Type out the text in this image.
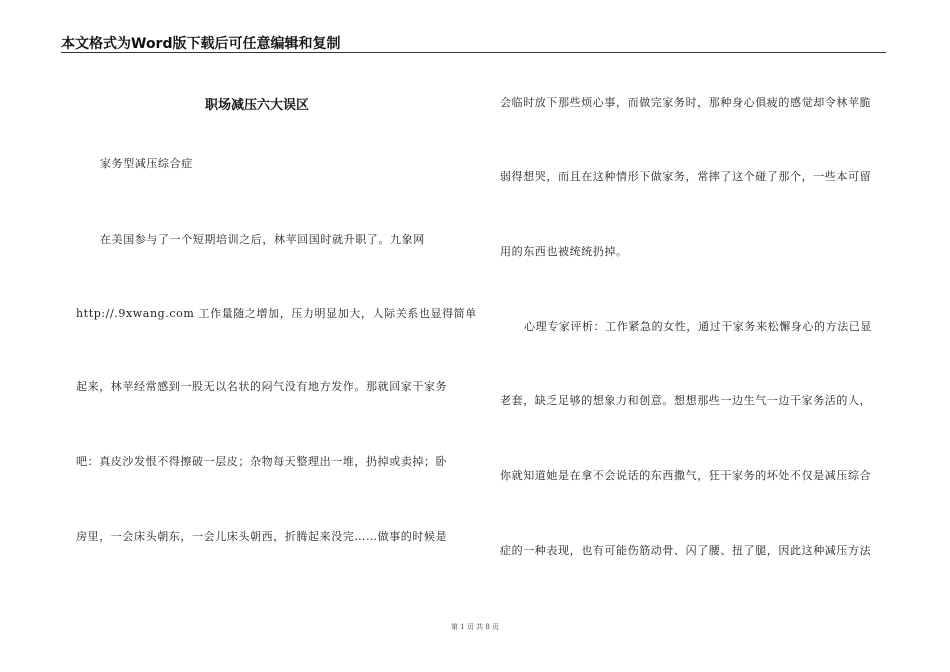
本文格式为Word版下载后可任意编辑和复制
职场减压六大误区
家务型减压综合症
在美国参与了一个短期培训之后，林苹回国时就升职了。九象网
http://.9xwang.com 工作量随之增加，压力明显加大，人际关系也显得简单
起来，林苹经常感到一股无以名状的闷气没有地方发作。那就回家干家务
吧：真皮沙发恨不得擦破一层皮；杂物每天整理出一堆，扔掉或卖掉；卧
房里，一会床头朝东，一会儿床头朝西，折腾起来没完……做事的时候是
会临时放下那些烦心事，而做完家务时，那种身心俱疲的感觉却令林苹脆
弱得想哭，而且在这种情形下做家务，常摔了这个碰了那个，一些本可留
用的东西也被统统扔掉。
心理专家评析：工作紧急的女性，通过干家务来松懈身心的方法已显
老套，缺乏足够的想象力和创意。想想那些一边生气一边干家务活的人，
你就知道她是在拿不会说话的东西撒气，狂干家务的坏处不仅是减压综合
症的一种表现，也有可能伤筋动骨、闪了腰、扭了腿，因此这种减压方法
第 1 页 共 8 页
